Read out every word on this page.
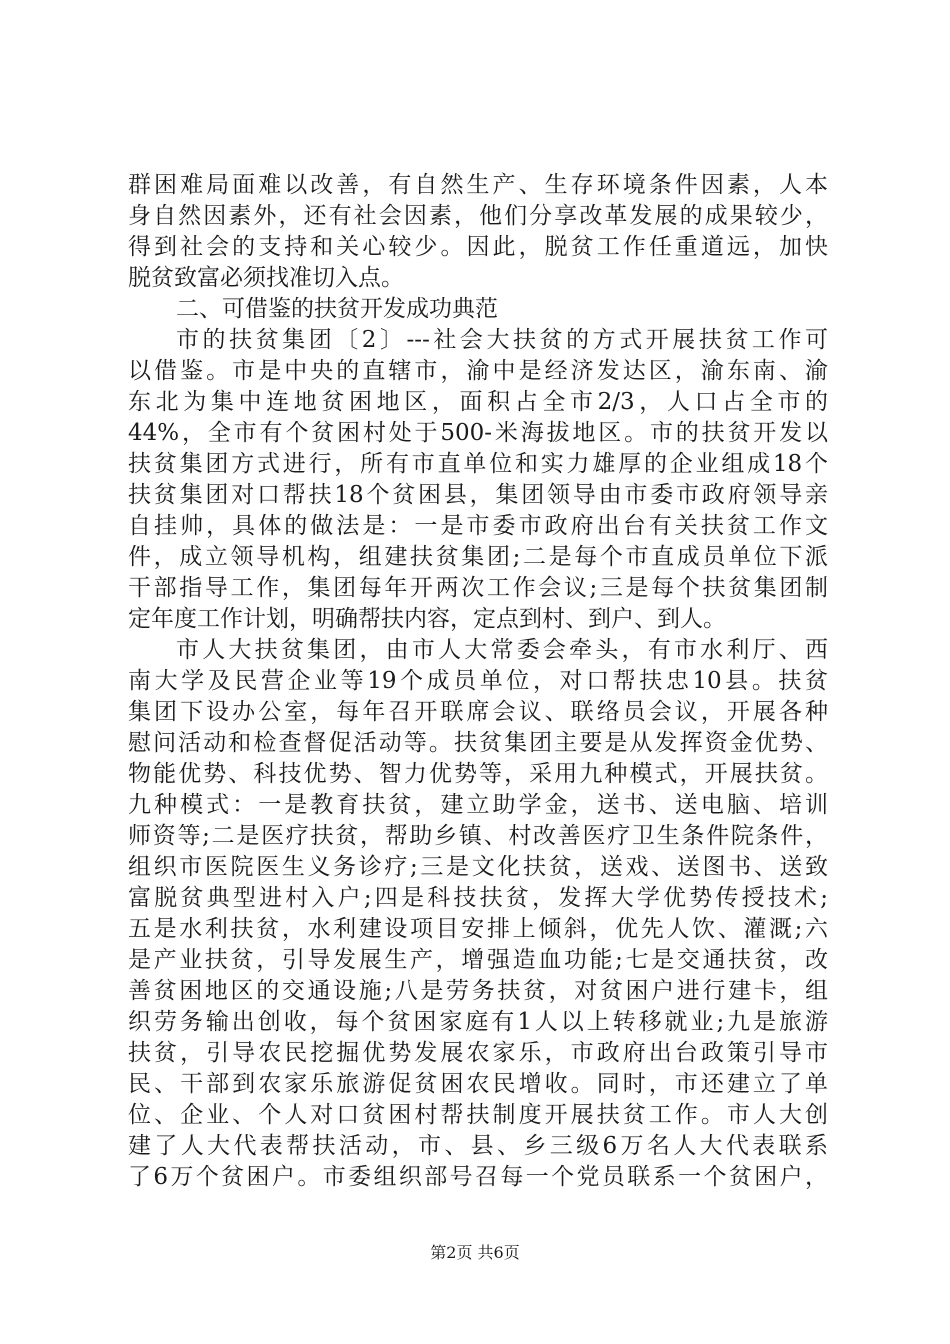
群困难局面难以改善，有自然生产、生存环境条件因素，人本
身自然因素外，还有社会因素，他们分享改革发展的成果较少，
得到社会的支持和关心较少。因此，脱贫工作任重道远，加快
脱贫致富必须找准切入点。
二、可借鉴的扶贫开发成功典范
市的扶贫集团〔2〕---社会大扶贫的方式开展扶贫工作可
以借鉴。市是中央的直辖市，渝中是经济发达区，渝东南、渝
东北为集中连地贫困地区，面积占全市2/3，人口占全市的
44%，全市有个贫困村处于500-米海拔地区。市的扶贫开发以
扶贫集团方式进行，所有市直单位和实力雄厚的企业组成18个
扶贫集团对口帮扶18个贫困县，集团领导由市委市政府领导亲
自挂帅，具体的做法是：一是市委市政府出台有关扶贫工作文
件，成立领导机构，组建扶贫集团;二是每个市直成员单位下派
干部指导工作，集团每年开两次工作会议;三是每个扶贫集团制
定年度工作计划，明确帮扶内容，定点到村、到户、到人。
市人大扶贫集团，由市人大常委会牵头，有市水利厅、西
南大学及民营企业等19个成员单位，对口帮扶忠10县。扶贫
集团下设办公室，每年召开联席会议、联络员会议，开展各种
慰问活动和检查督促活动等。扶贫集团主要是从发挥资金优势、
物能优势、科技优势、智力优势等，采用九种模式，开展扶贫。
九种模式：一是教育扶贫，建立助学金，送书、送电脑、培训
师资等;二是医疗扶贫，帮助乡镇、村改善医疗卫生条件院条件，
组织市医院医生义务诊疗;三是文化扶贫，送戏、送图书、送致
富脱贫典型进村入户;四是科技扶贫，发挥大学优势传授技术;
五是水利扶贫，水利建设项目安排上倾斜，优先人饮、灌溉;六
是产业扶贫，引导发展生产，增强造血功能;七是交通扶贫，改
善贫困地区的交通设施;八是劳务扶贫，对贫困户进行建卡，组
织劳务输出创收，每个贫困家庭有1人以上转移就业;九是旅游
扶贫，引导农民挖掘优势发展农家乐，市政府出台政策引导市
民、干部到农家乐旅游促贫困农民增收。同时，市还建立了单
位、企业、个人对口贫困村帮扶制度开展扶贫工作。市人大创
建了人大代表帮扶活动，市、县、乡三级6万名人大代表联系
了6万个贫困户。市委组织部号召每一个党员联系一个贫困户，
第2页 共6页
